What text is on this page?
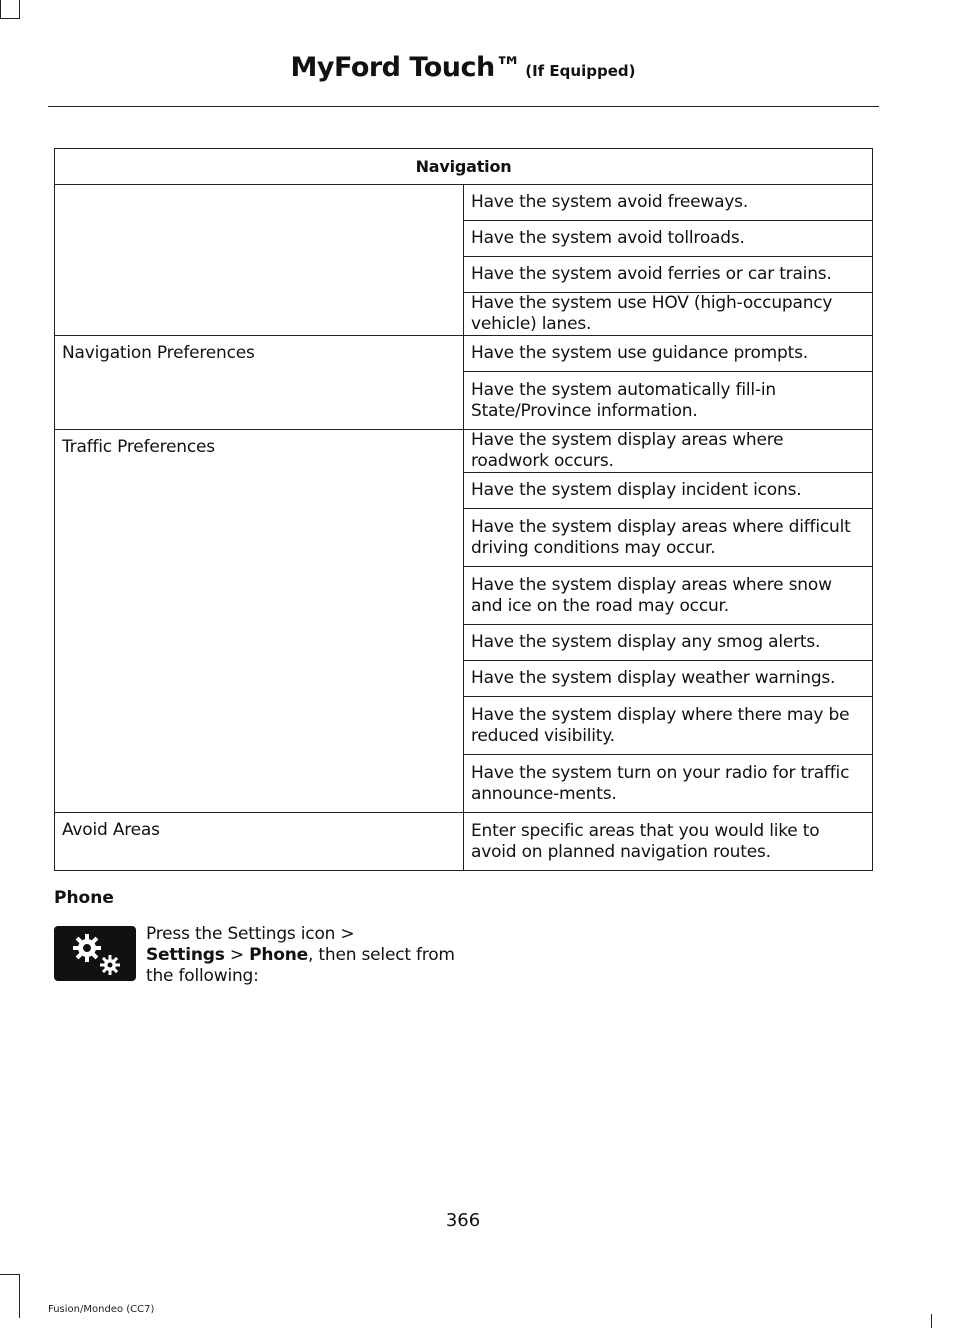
MyFord Touch™ (If Equipped)
Navigation	
	Have the system avoid freeways.
	Have the system avoid tollroads.
	Have the system avoid ferries or car trains.
	Have the system use HOV (high-occupancy vehicle) lanes.
Navigation Preferences	Have the system use guidance prompts.
	Have the system automatically fill-in State/Province information.
Traffic Preferences	Have the system display areas where roadwork occurs.
	Have the system display incident icons.
	Have the system display areas where difficult driving conditions may occur.
	Have the system display areas where snow and ice on the road may occur.
	Have the system display any smog alerts.
	Have the system display weather warnings.
	Have the system display where there may be reduced visibility.
	Have the system turn on your radio for traffic announce-ments.
Avoid Areas	Enter specific areas that you would like to avoid on planned navigation routes.
Phone
Press the Settings icon >
Settings > Phone, then select from the following:
366
Fusion/Mondeo (CC7)
